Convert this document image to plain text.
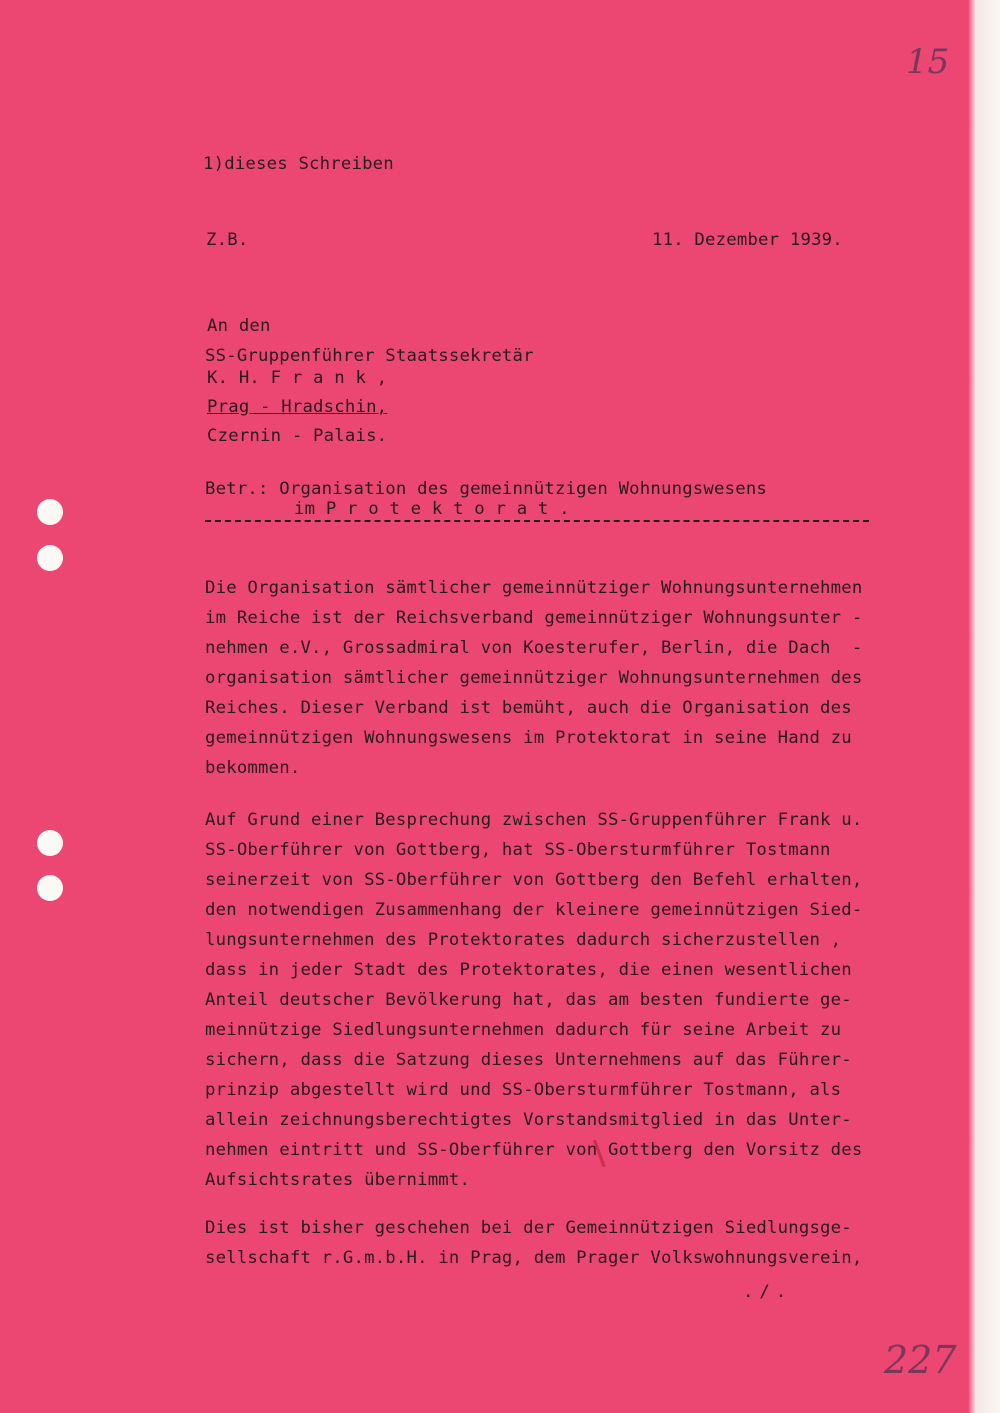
15
227
1)dieses Schreiben
Z.B.	11. Dezember 1939.
An den
SS-Gruppenführer Staatssekretär
K. H. F r a n k ,
Prag - Hradschin,
Czernin - Palais.
Betr.: Organisation des gemeinnützigen Wohnungswesens
im P r o t e k t o r a t .
Die Organisation sämtlicher gemeinnütziger Wohnungsunternehmen
im Reiche ist der Reichsverband gemeinnütziger Wohnungsunter -
nehmen e.V., Grossadmiral von Koesterufer, Berlin, die Dach  -
organisation sämtlicher gemeinnütziger Wohnungsunternehmen des
Reiches. Dieser Verband ist bemüht, auch die Organisation des
gemeinnützigen Wohnungswesens im Protektorat in seine Hand zu
bekommen.
Auf Grund einer Besprechung zwischen SS-Gruppenführer Frank u.
SS-Oberführer von Gottberg, hat SS-Obersturmführer Tostmann
seinerzeit von SS-Oberführer von Gottberg den Befehl erhalten,
den notwendigen Zusammenhang der kleinere gemeinnützigen Sied-
lungsunternehmen des Protektorates dadurch sicherzustellen ,
dass in jeder Stadt des Protektorates, die einen wesentlichen
Anteil deutscher Bevölkerung hat, das am besten fundierte ge-
meinnützige Siedlungsunternehmen dadurch für seine Arbeit zu
sichern, dass die Satzung dieses Unternehmens auf das Führer-
prinzip abgestellt wird und SS-Obersturmführer Tostmann, als
allein zeichnungsberechtigtes Vorstandsmitglied in das Unter-
nehmen eintritt und SS-Oberführer von Gottberg den Vorsitz des
Aufsichtsrates übernimmt.
Dies ist bisher geschehen bei der Gemeinnützigen Siedlungsge-
sellschaft r.G.m.b.H. in Prag, dem Prager Volkswohnungsverein,
./.
